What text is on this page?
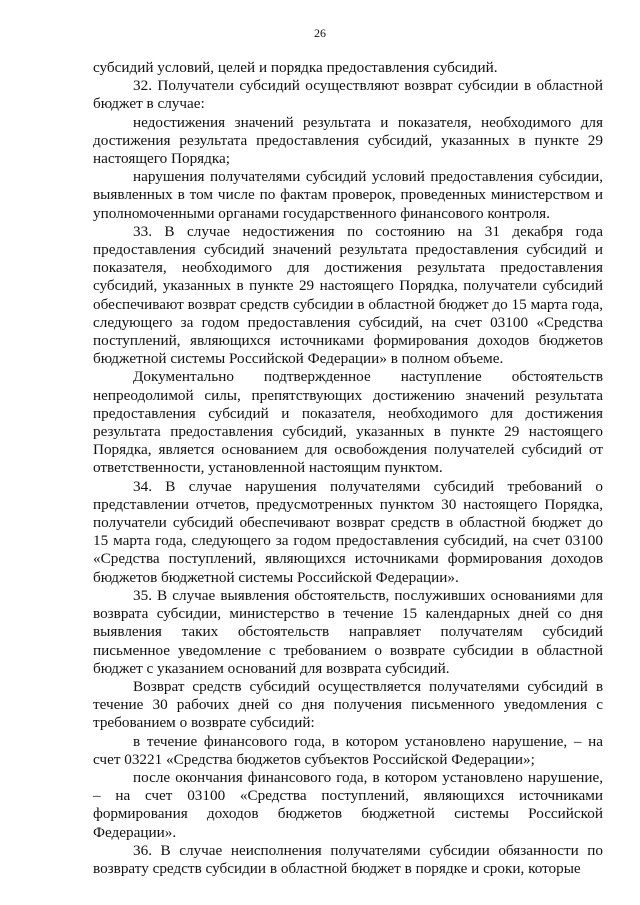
26

субсидий условий, целей и порядка предоставления субсидий.

32. Получатели субсидий осуществляют возврат субсидии в областной бюджет в случае:

недостижения значений результата и показателя, необходимого для достижения результата предоставления субсидий, указанных в пункте 29 настоящего Порядка;

нарушения получателями субсидий условий предоставления субсидии, выявленных в том числе по фактам проверок, проведенных министерством и уполномоченными органами государственного финансового контроля.

33. В случае недостижения по состоянию на 31 декабря года предоставления субсидий значений результата предоставления субсидий и показателя, необходимого для достижения результата предоставления субсидий, указанных в пункте 29 настоящего Порядка, получатели субсидий обеспечивают возврат средств субсидии в областной бюджет до 15 марта года, следующего за годом предоставления субсидий, на счет 03100 «Средства поступлений, являющихся источниками формирования доходов бюджетов бюджетной системы Российской Федерации» в полном объеме.

Документально подтвержденное наступление обстоятельств непреодолимой силы, препятствующих достижению значений результата предоставления субсидий и показателя, необходимого для достижения результата предоставления субсидий, указанных в пункте 29 настоящего Порядка, является основанием для освобождения получателей субсидий от ответственности, установленной настоящим пунктом.

34. В случае нарушения получателями субсидий требований о представлении отчетов, предусмотренных пунктом 30 настоящего Порядка, получатели субсидий обеспечивают возврат средств в областной бюджет до 15 марта года, следующего за годом предоставления субсидий, на счет 03100 «Средства поступлений, являющихся источниками формирования доходов бюджетов бюджетной системы Российской Федерации».

35. В случае выявления обстоятельств, послуживших основаниями для возврата субсидии, министерство в течение 15 календарных дней со дня выявления таких обстоятельств направляет получателям субсидий письменное уведомление с требованием о возврате субсидии в областной бюджет с указанием оснований для возврата субсидий.

Возврат средств субсидий осуществляется получателями субсидий в течение 30 рабочих дней со дня получения письменного уведомления с требованием о возврате субсидий:

в течение финансового года, в котором установлено нарушение, – на счет 03221 «Средства бюджетов субъектов Российской Федерации»;

после окончания финансового года, в котором установлено нарушение, – на счет 03100 «Средства поступлений, являющихся источниками формирования доходов бюджетов бюджетной системы Российской Федерации».

36. В случае неисполнения получателями субсидии обязанности по возврату средств субсидии в областной бюджет в порядке и сроки, которые
